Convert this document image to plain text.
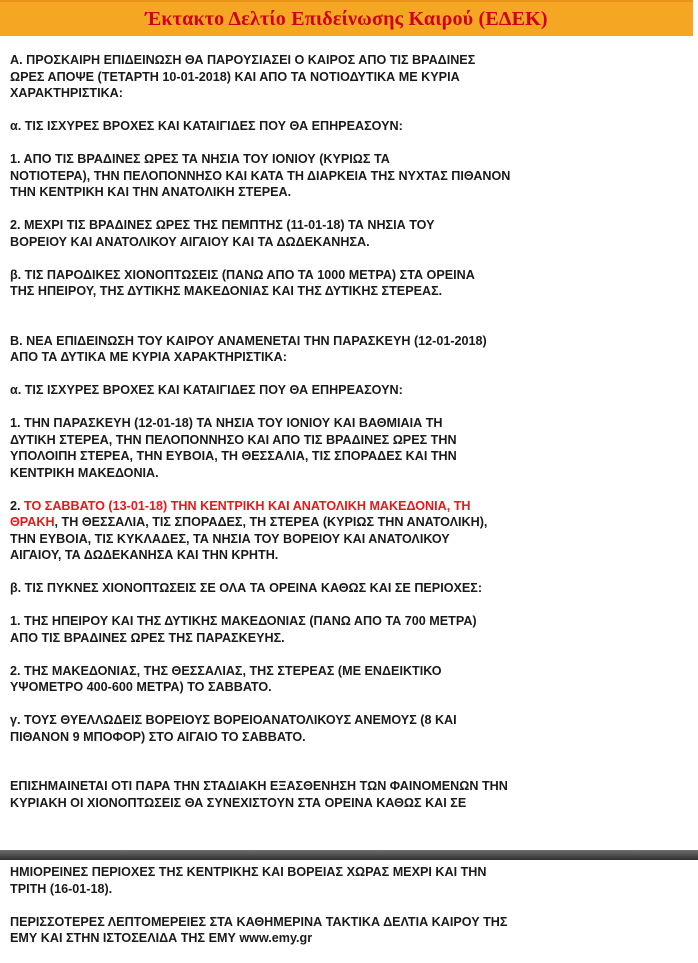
Έκτακτο Δελτίο Επιδείνωσης Καιρού (ΕΔΕΚ)

Α. ΠΡΟΣΚΑΙΡΗ ΕΠΙΔΕΙΝΩΣΗ ΘΑ ΠΑΡΟΥΣΙΑΣΕΙ Ο ΚΑΙΡΟΣ ΑΠΟ ΤΙΣ ΒΡΑΔΙΝΕΣ
ΩΡΕΣ ΑΠΟΨΕ (ΤΕΤΑΡΤΗ 10-01-2018) ΚΑΙ ΑΠΟ ΤΑ ΝΟΤΙΟΔΥΤΙΚΑ ΜΕ ΚΥΡΙΑ
ΧΑΡΑΚΤΗΡΙΣΤΙΚΑ:

α. ΤΙΣ ΙΣΧΥΡΕΣ ΒΡΟΧΕΣ ΚΑΙ ΚΑΤΑΙΓΙΔΕΣ ΠΟΥ ΘΑ ΕΠΗΡΕΑΣΟΥΝ:

1. ΑΠΟ ΤΙΣ ΒΡΑΔΙΝΕΣ ΩΡΕΣ ΤΑ ΝΗΣΙΑ ΤΟΥ ΙΟΝΙΟΥ (ΚΥΡΙΩΣ ΤΑ
ΝΟΤΙΟΤΕΡΑ), ΤΗΝ ΠΕΛΟΠΟΝΝΗΣΟ ΚΑΙ ΚΑΤΑ ΤΗ ΔΙΑΡΚΕΙΑ ΤΗΣ ΝΥΧΤΑΣ ΠΙΘΑΝΟΝ
ΤΗΝ ΚΕΝΤΡΙΚΗ ΚΑΙ ΤΗΝ ΑΝΑΤΟΛΙΚΗ ΣΤΕΡΕΑ.

2. ΜΕΧΡΙ ΤΙΣ ΒΡΑΔΙΝΕΣ ΩΡΕΣ ΤΗΣ ΠΕΜΠΤΗΣ (11-01-18) ΤΑ ΝΗΣΙΑ ΤΟΥ
ΒΟΡΕΙΟΥ ΚΑΙ ΑΝΑΤΟΛΙΚΟΥ ΑΙΓΑΙΟΥ ΚΑΙ ΤΑ ΔΩΔΕΚΑΝΗΣΑ.

β. ΤΙΣ ΠΑΡΟΔΙΚΕΣ ΧΙΟΝΟΠΤΩΣΕΙΣ (ΠΑΝΩ ΑΠΟ ΤΑ 1000 ΜΕΤΡΑ) ΣΤΑ ΟΡΕΙΝΑ
ΤΗΣ ΗΠΕΙΡΟΥ, ΤΗΣ ΔΥΤΙΚΗΣ ΜΑΚΕΔΟΝΙΑΣ ΚΑΙ ΤΗΣ ΔΥΤΙΚΗΣ ΣΤΕΡΕΑΣ.

Β. ΝΕΑ ΕΠΙΔΕΙΝΩΣΗ ΤΟΥ ΚΑΙΡΟΥ ΑΝΑΜΕΝΕΤΑΙ ΤΗΝ ΠΑΡΑΣΚΕΥΗ (12-01-2018)
ΑΠΟ ΤΑ ΔΥΤΙΚΑ ΜΕ ΚΥΡΙΑ ΧΑΡΑΚΤΗΡΙΣΤΙΚΑ:

α. ΤΙΣ ΙΣΧΥΡΕΣ ΒΡΟΧΕΣ ΚΑΙ ΚΑΤΑΙΓΙΔΕΣ ΠΟΥ ΘΑ ΕΠΗΡΕΑΣΟΥΝ:

1. ΤΗΝ ΠΑΡΑΣΚΕΥΗ (12-01-18) ΤΑ ΝΗΣΙΑ ΤΟΥ ΙΟΝΙΟΥ ΚΑΙ ΒΑΘΜΙΑΙΑ ΤΗ
ΔΥΤΙΚΗ ΣΤΕΡΕΑ, ΤΗΝ ΠΕΛΟΠΟΝΝΗΣΟ ΚΑΙ ΑΠΟ ΤΙΣ ΒΡΑΔΙΝΕΣ ΩΡΕΣ ΤΗΝ
ΥΠΟΛΟΙΠΗ ΣΤΕΡΕΑ, ΤΗΝ ΕΥΒΟΙΑ, ΤΗ ΘΕΣΣΑΛΙΑ, ΤΙΣ ΣΠΟΡΑΔΕΣ ΚΑΙ ΤΗΝ
ΚΕΝΤΡΙΚΗ ΜΑΚΕΔΟΝΙΑ.

2. ΤΟ ΣΑΒΒΑΤΟ (13-01-18) ΤΗΝ ΚΕΝΤΡΙΚΗ ΚΑΙ ΑΝΑΤΟΛΙΚΗ ΜΑΚΕΔΟΝΙΑ, ΤΗ
ΘΡΑΚΗ, ΤΗ ΘΕΣΣΑΛΙΑ, ΤΙΣ ΣΠΟΡΑΔΕΣ, ΤΗ ΣΤΕΡΕΑ (ΚΥΡΙΩΣ ΤΗΝ ΑΝΑΤΟΛΙΚΗ),
ΤΗΝ ΕΥΒΟΙΑ, ΤΙΣ ΚΥΚΛΑΔΕΣ, ΤΑ ΝΗΣΙΑ ΤΟΥ ΒΟΡΕΙΟΥ ΚΑΙ ΑΝΑΤΟΛΙΚΟΥ
ΑΙΓΑΙΟΥ, ΤΑ ΔΩΔΕΚΑΝΗΣΑ ΚΑΙ ΤΗΝ ΚΡΗΤΗ.

β. ΤΙΣ ΠΥΚΝΕΣ ΧΙΟΝΟΠΤΩΣΕΙΣ ΣΕ ΟΛΑ ΤΑ ΟΡΕΙΝΑ ΚΑΘΩΣ ΚΑΙ ΣΕ ΠΕΡΙΟΧΕΣ:

1. ΤΗΣ ΗΠΕΙΡΟΥ ΚΑΙ ΤΗΣ ΔΥΤΙΚΗΣ ΜΑΚΕΔΟΝΙΑΣ (ΠΑΝΩ ΑΠΟ ΤΑ 700 ΜΕΤΡΑ)
ΑΠΟ ΤΙΣ ΒΡΑΔΙΝΕΣ ΩΡΕΣ ΤΗΣ ΠΑΡΑΣΚΕΥΗΣ.

2. ΤΗΣ ΜΑΚΕΔΟΝΙΑΣ, ΤΗΣ ΘΕΣΣΑΛΙΑΣ, ΤΗΣ ΣΤΕΡΕΑΣ (ΜΕ ΕΝΔΕΙΚΤΙΚΟ
ΥΨΟΜΕΤΡΟ 400-600 ΜΕΤΡΑ) ΤΟ ΣΑΒΒΑΤΟ.

γ. ΤΟΥΣ ΘΥΕΛΛΩΔΕΙΣ ΒΟΡΕΙΟΥΣ ΒΟΡΕΙΟΑΝΑΤΟΛΙΚΟΥΣ ΑΝΕΜΟΥΣ (8 ΚΑΙ
ΠΙΘΑΝΟΝ 9 ΜΠΟΦΟΡ) ΣΤΟ ΑΙΓΑΙΟ ΤΟ ΣΑΒΒΑΤΟ.

ΕΠΙΣΗΜΑΙΝΕΤΑΙ ΟΤΙ ΠΑΡΑ ΤΗΝ ΣΤΑΔΙΑΚΗ ΕΞΑΣΘΕΝΗΣΗ ΤΩΝ ΦΑΙΝΟΜΕΝΩΝ ΤΗΝ
ΚΥΡΙΑΚΗ ΟΙ ΧΙΟΝΟΠΤΩΣΕΙΣ ΘΑ ΣΥΝΕΧΙΣΤΟΥΝ ΣΤΑ ΟΡΕΙΝΑ ΚΑΘΩΣ ΚΑΙ ΣΕ

ΗΜΙΟΡΕΙΝΕΣ ΠΕΡΙΟΧΕΣ ΤΗΣ ΚΕΝΤΡΙΚΗΣ ΚΑΙ ΒΟΡΕΙΑΣ ΧΩΡΑΣ ΜΕΧΡΙ ΚΑΙ ΤΗΝ
ΤΡΙΤΗ (16-01-18).

ΠΕΡΙΣΣΟΤΕΡΕΣ ΛΕΠΤΟΜΕΡΕΙΕΣ ΣΤΑ ΚΑΘΗΜΕΡΙΝΑ ΤΑΚΤΙΚΑ ΔΕΛΤΙΑ ΚΑΙΡΟΥ ΤΗΣ
ΕΜΥ ΚΑΙ ΣΤΗΝ ΙΣΤΟΣΕΛΙΔΑ ΤΗΣ ΕΜΥ www.emy.gr
